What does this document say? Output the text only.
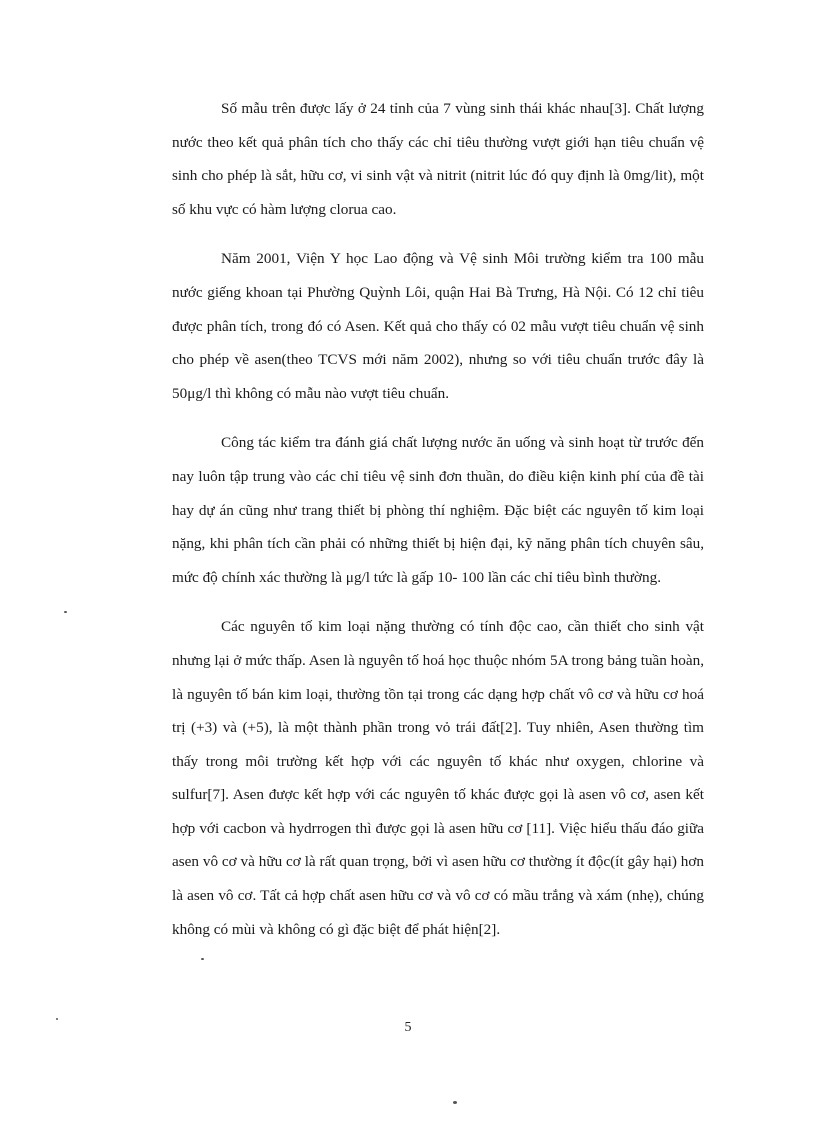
Số mẫu trên được lấy ở 24 tỉnh của 7 vùng sinh thái khác nhau[3]. Chất lượng nước theo kết quả phân tích cho thấy các chỉ tiêu thường vượt giới hạn tiêu chuẩn vệ sinh cho phép là sắt, hữu cơ, vi sinh vật và nitrit (nitrit lúc đó quy định là 0mg/lit), một số khu vực có hàm lượng clorua cao.

Năm 2001, Viện Y học Lao động và Vệ sinh Môi trường kiểm tra 100 mẫu nước giếng khoan tại Phường Quỳnh Lôi, quận Hai Bà Trưng, Hà Nội. Có 12 chỉ tiêu được phân tích, trong đó có Asen. Kết quả cho thấy có 02 mẫu vượt tiêu chuẩn vệ sinh cho phép về asen(theo TCVS mới năm 2002), nhưng so với tiêu chuẩn trước đây là 50μg/l thì không có mẫu nào vượt tiêu chuẩn.

Công tác kiểm tra đánh giá chất lượng nước ăn uống và sinh hoạt từ trước đến nay luôn tập trung vào các chỉ tiêu vệ sinh đơn thuần, do điều kiện kinh phí của đề tài hay dự án cũng như trang thiết bị phòng thí nghiệm. Đặc biệt các nguyên tố kim loại nặng, khi phân tích cần phải có những thiết bị hiện đại, kỹ năng phân tích chuyên sâu, mức độ chính xác thường là μg/l tức là gấp 10- 100 lần các chỉ tiêu bình thường.

Các nguyên tố kim loại nặng thường có tính độc cao, cần thiết cho sinh vật nhưng lại ở mức thấp. Asen là nguyên tố hoá học thuộc nhóm 5A trong bảng tuần hoàn, là nguyên tố bán kim loại, thường tồn tại trong các dạng hợp chất vô cơ và hữu cơ hoá trị (+3) và (+5), là một thành phần trong vỏ trái đất[2]. Tuy nhiên, Asen thường tìm thấy trong môi trường kết hợp với các nguyên tố khác như oxygen, chlorine và sulfur[7]. Asen được kết hợp với các nguyên tố khác được gọi là asen vô cơ, asen kết hợp với cacbon và hydrrogen thì được gọi là asen hữu cơ [11]. Việc hiểu thấu đáo giữa asen vô cơ và hữu cơ là rất quan trọng, bởi vì asen hữu cơ thường ít độc(ít gây hại) hơn là asen vô cơ. Tất cả hợp chất asen hữu cơ và vô cơ có mầu trắng và xám (nhẹ), chúng không có mùi và không có gì đặc biệt để phát hiện[2].

5
